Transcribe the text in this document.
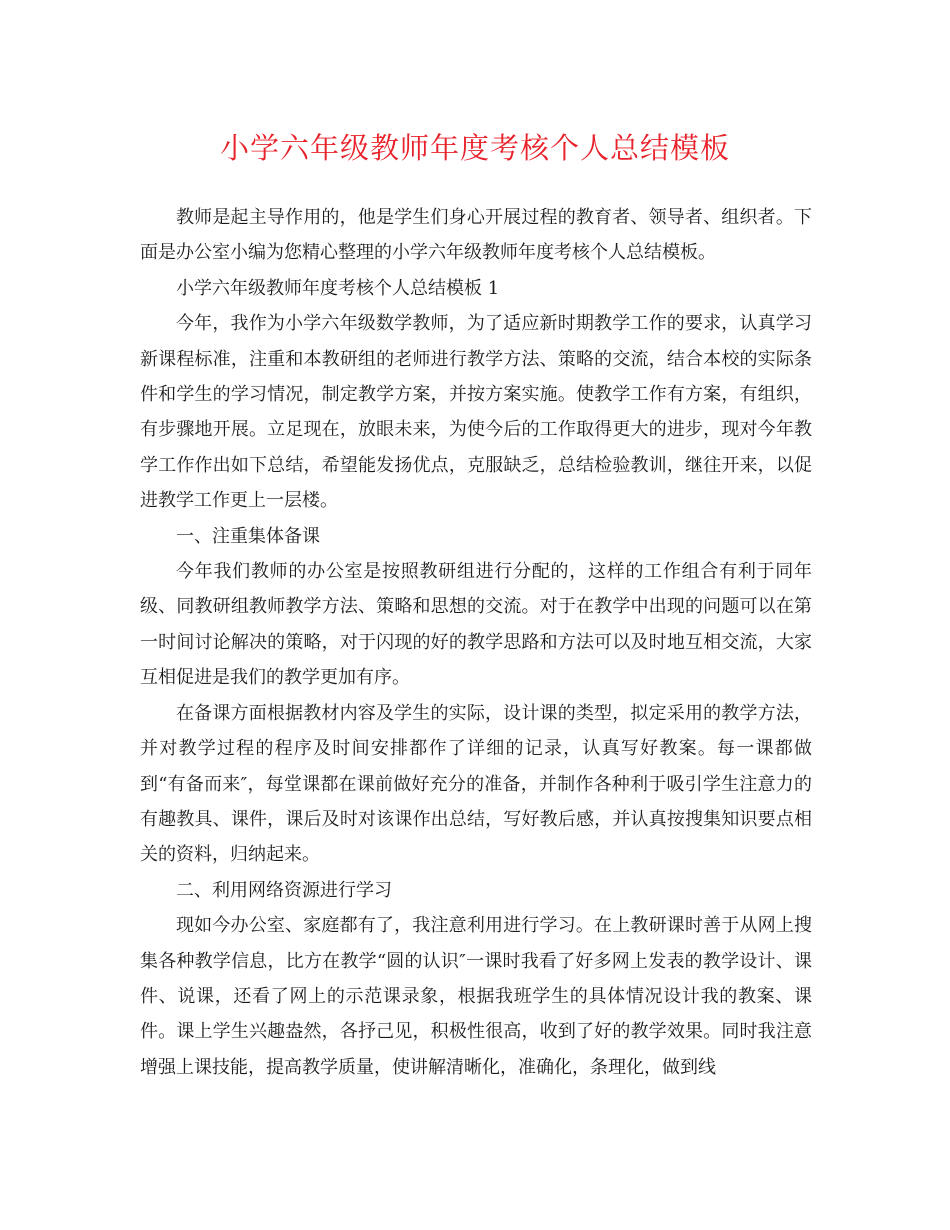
小学六年级教师年度考核个人总结模板

教师是起主导作用的，他是学生们身心开展过程的教育者、领导者、组织者。下面是办公室小编为您精心整理的小学六年级教师年度考核个人总结模板。

小学六年级教师年度考核个人总结模板 1

今年，我作为小学六年级数学教师，为了适应新时期教学工作的要求，认真学习新课程标准，注重和本教研组的老师进行教学方法、策略的交流，结合本校的实际条件和学生的学习情况，制定教学方案，并按方案实施。使教学工作有方案，有组织，有步骤地开展。立足现在，放眼未来，为使今后的工作取得更大的进步，现对今年教学工作作出如下总结，希望能发扬优点，克服缺乏，总结检验教训，继往开来，以促进教学工作更上一层楼。

一、注重集体备课

今年我们教师的办公室是按照教研组进行分配的，这样的工作组合有利于同年级、同教研组教师教学方法、策略和思想的交流。对于在教学中出现的问题可以在第一时间讨论解决的策略，对于闪现的好的教学思路和方法可以及时地互相交流，大家互相促进是我们的教学更加有序。

在备课方面根据教材内容及学生的实际，设计课的类型，拟定采用的教学方法，并对教学过程的程序及时间安排都作了详细的记录，认真写好教案。每一课都做到“有备而来″，每堂课都在课前做好充分的准备，并制作各种利于吸引学生注意力的有趣教具、课件，课后及时对该课作出总结，写好教后感，并认真按搜集知识要点相关的资料，归纳起来。

二、利用网络资源进行学习

现如今办公室、家庭都有了，我注意利用进行学习。在上教研课时善于从网上搜集各种教学信息，比方在教学“圆的认识″一课时我看了好多网上发表的教学设计、课件、说课，还看了网上的示范课录象，根据我班学生的具体情况设计我的教案、课件。课上学生兴趣盎然，各抒己见，积极性很高，收到了好的教学效果。同时我注意增强上课技能，提高教学质量，使讲解清晰化，准确化，条理化，做到线
